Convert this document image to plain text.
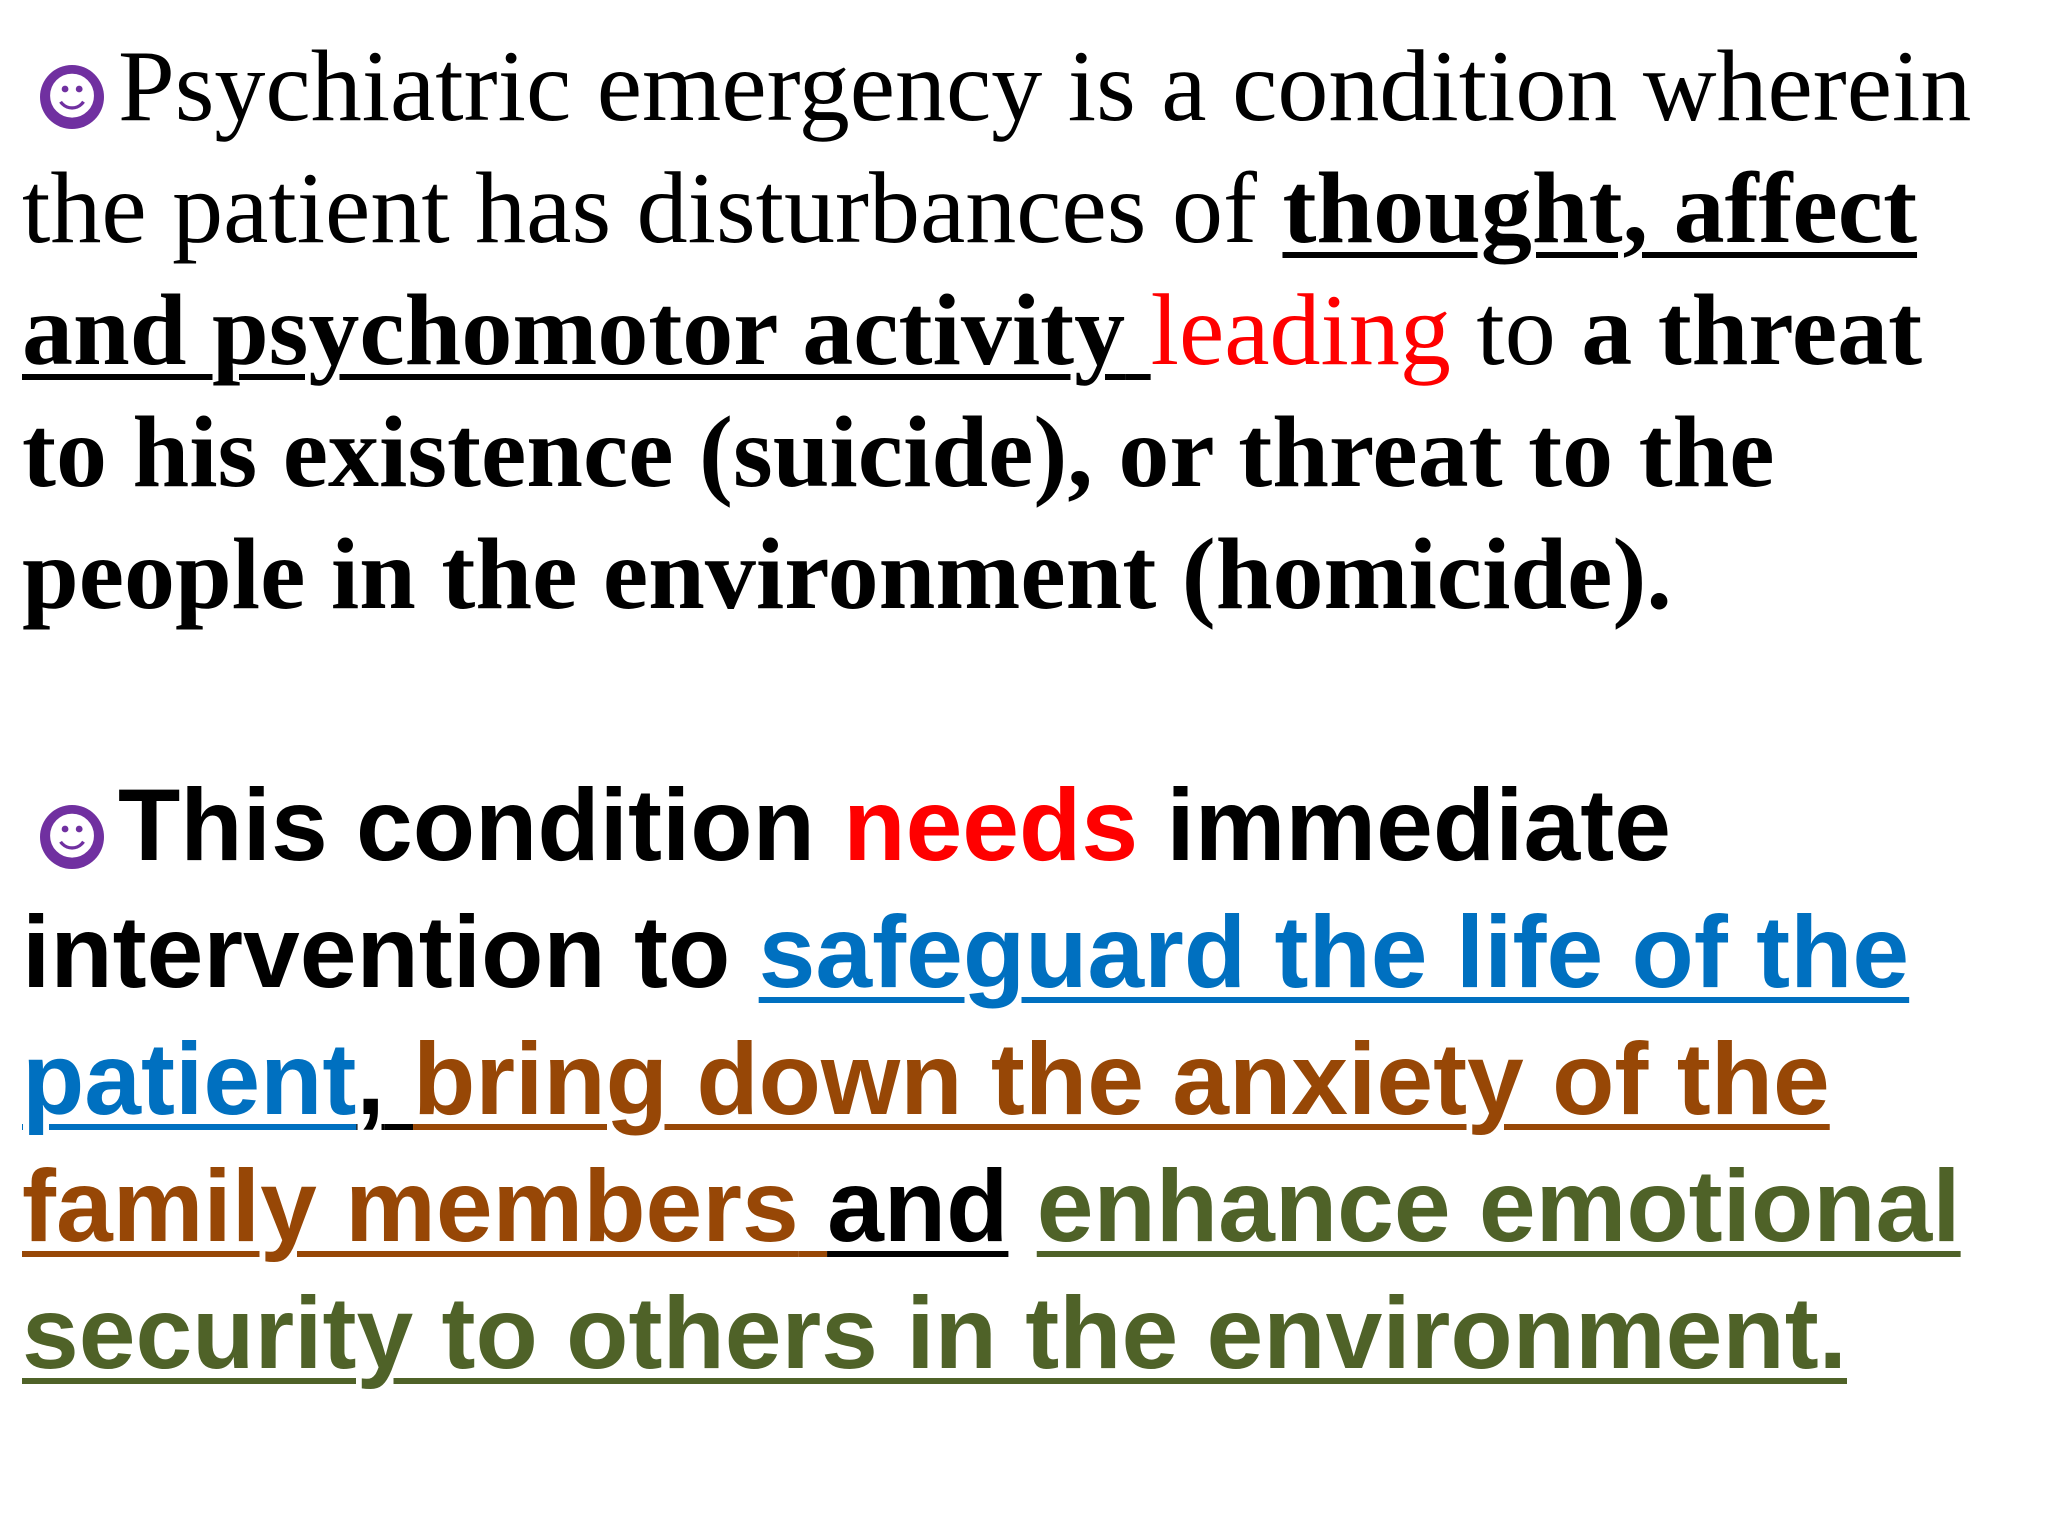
☻ Psychiatric emergency is a condition wherein the patient has disturbances of thought, affect and psychomotor activity leading to a threat to his existence (suicide), or threat to the people in the environment (homicide).

☻ This condition needs immediate intervention to safeguard the life of the patient, bring down the anxiety of the family members and enhance emotional security to others in the environment.
